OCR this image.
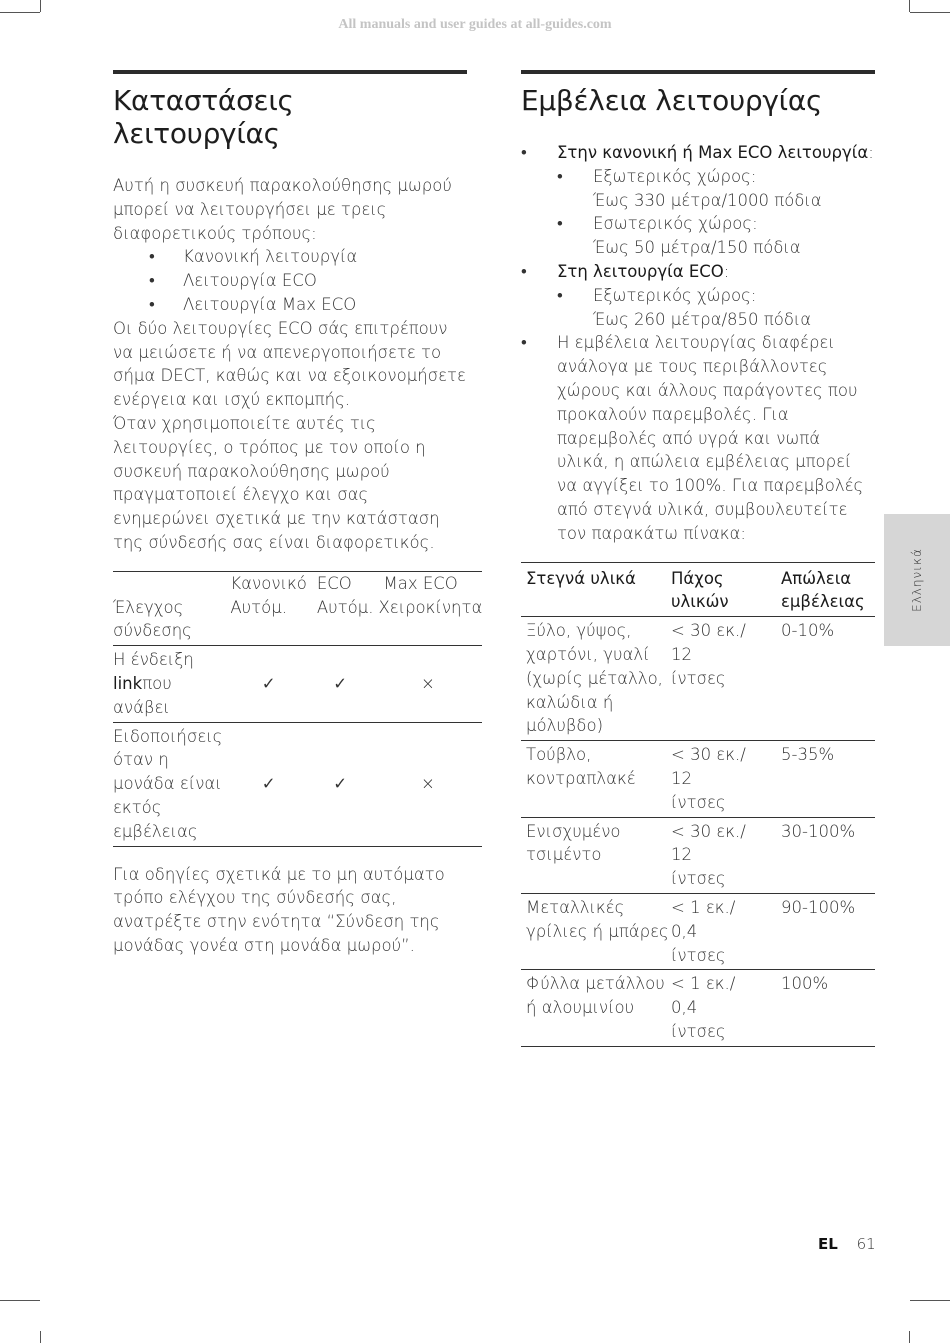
All manuals and user guides at all-guides.com
Καταστάσεις λειτουργίας

Αυτή η συσκευή παρακολούθησης μωρού μπορεί να λειτουργήσει με τρεις διαφορετικούς τρόπους:

• Κανονική λειτουργία
• Λειτουργία ECO
• Λειτουργία Max ECO

Οι δύο λειτουργίες ECO σάς επιτρέπουν να μειώσετε ή να απενεργοποιήσετε το σήμα DECT, καθώς και να εξοικονομήσετε ενέργεια και ισχύ εκπομπής.

Όταν χρησιμοποιείτε αυτές τις λειτουργίες, ο τρόπος με τον οποίο η συσκευή παρακολούθησης μωρού πραγματοποιεί έλεγχο και σας ενημερώνει σχετικά με την κατάσταση της σύνδεσής σας είναι διαφορετικός.

	Κανονικό	ECO	Max ECO
Έλεγχος σύνδεσης	Αυτόμ.	Αυτόμ.	Χειροκίνητα
Η ένδειξη
linkπου ανάβει	✓	✓	×
Ειδοποιήσεις όταν η μονάδα είναι εκτός εμβέλειας	✓	✓	×

Για οδηγίες σχετικά με το μη αυτόματο τρόπο ελέγχου της σύνδεσής σας, ανατρέξτε στην ενότητα “Σύνδεση της μονάδας γονέα στη μονάδα μωρού”.

Εμβέλεια λειτουργίας
• Στην κανονική ή Max ECO λειτουργία:
• Εξωτερικός χώρος:
Έως 330 μέτρα/1000 πόδια
• Εσωτερικός χώρος:
Έως 50 μέτρα/150 πόδια
• Στη λειτουργία ECO:
• Εξωτερικός χώρος:
Έως 260 μέτρα/850 πόδια
• Η εμβέλεια λειτουργίας διαφέρει ανάλογα με τους περιβάλλοντες χώρους και άλλους παράγοντες που προκαλούν παρεμβολές. Για παρεμβολές από υγρά και νωπά υλικά, η απώλεια εμβέλειας μπορεί να αγγίξει το 100%. Για παρεμβολές από στεγνά υλικά, συμβουλευτείτε τον παρακάτω πίνακα:
Στεγνά υλικά	Πάχος υλικών	Απώλεια εμβέλειας
Ξύλο, γύψος, χαρτόνι, γυαλί (χωρίς μέταλλο, καλώδια ή μόλυβδο)	< 30 εκ./ 12 ίντσες	0-10%
Τούβλο, κοντραπλακέ	< 30 εκ./ 12 ίντσες	5-35%
Ενισχυμένο τσιμέντο	< 30 εκ./ 12 ίντσες	30-100%
Μεταλλικές γρίλιες ή μπάρες	< 1 εκ./ 0,4 ίντσες	90-100%
Φύλλα μετάλλου ή αλουμινίου	< 1 εκ./ 0,4 ίντσες	100%
Ελληνικά
EL 61
